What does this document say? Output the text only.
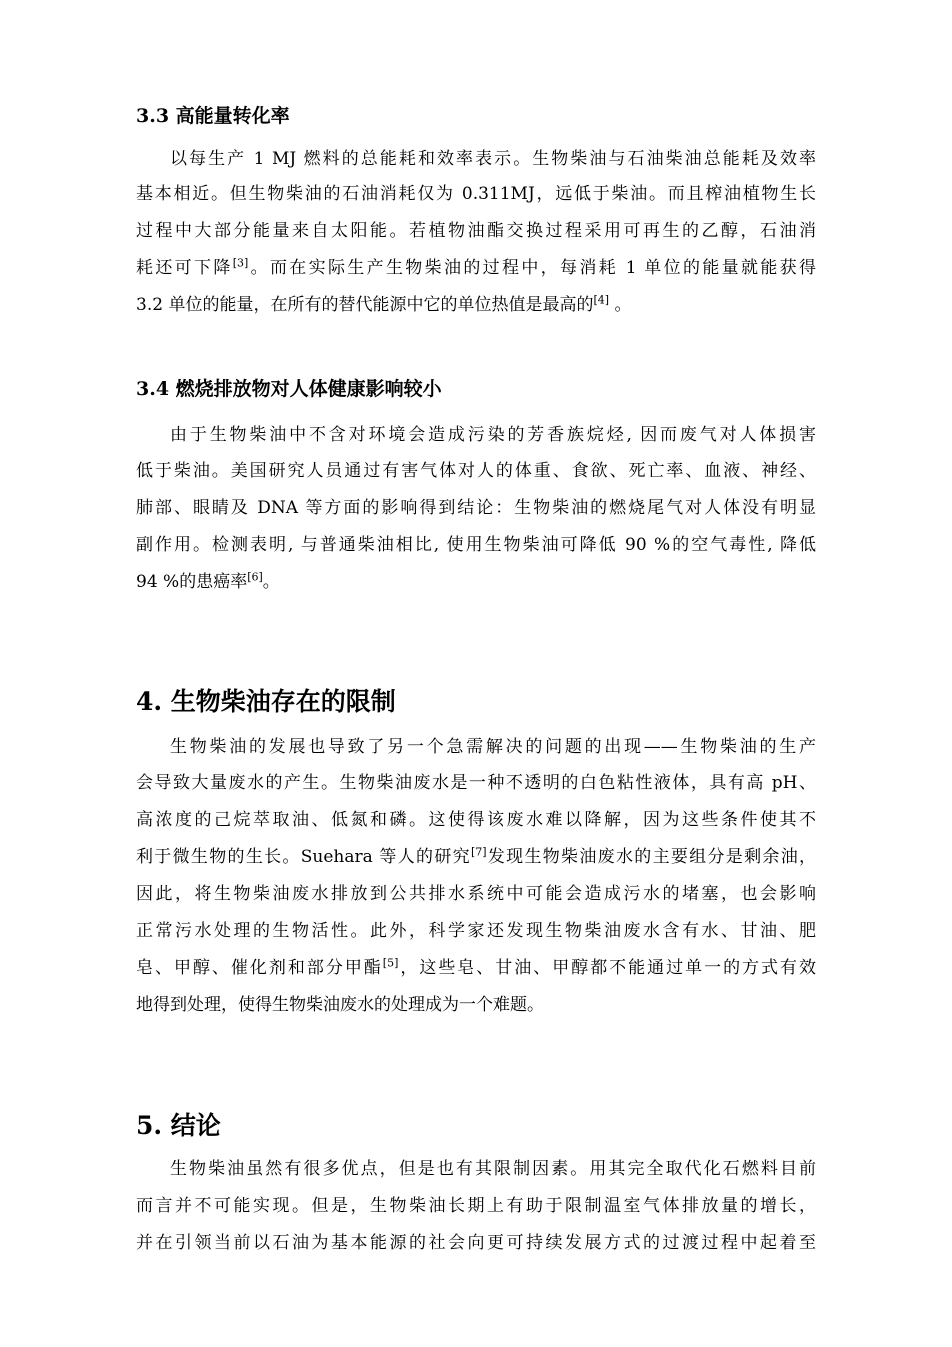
3.3 高能量转化率
以每生产 1 MJ 燃料的总能耗和效率表示。生物柴油与石油柴油总能耗及效率
基本相近。但生物柴油的石油消耗仅为 0.311MJ，远低于柴油。而且榨油植物生长
过程中大部分能量来自太阳能。若植物油酯交换过程采用可再生的乙醇，石油消
耗还可下降[3]。而在实际生产生物柴油的过程中，每消耗 1 单位的能量就能获得
3.2 单位的能量，在所有的替代能源中它的单位热值是最高的[4] 。
3.4 燃烧排放物对人体健康影响较小
由于生物柴油中不含对环境会造成污染的芳香族烷烃, 因而废气对人体损害
低于柴油。美国研究人员通过有害气体对人的体重、食欲、死亡率、血液、神经、
肺部、眼睛及 DNA 等方面的影响得到结论：生物柴油的燃烧尾气对人体没有明显
副作用。检测表明, 与普通柴油相比, 使用生物柴油可降低 90 %的空气毒性, 降低
94 %的患癌率[6]。
4. 生物柴油存在的限制
生物柴油的发展也导致了另一个急需解决的问题的出现——生物柴油的生产
会导致大量废水的产生。生物柴油废水是一种不透明的白色粘性液体，具有高 pH、
高浓度的己烷萃取油、低氮和磷。这使得该废水难以降解，因为这些条件使其不
利于微生物的生长。Suehara 等人的研究[7]发现生物柴油废水的主要组分是剩余油，
因此，将生物柴油废水排放到公共排水系统中可能会造成污水的堵塞，也会影响
正常污水处理的生物活性。此外，科学家还发现生物柴油废水含有水、甘油、肥
皂、甲醇、催化剂和部分甲酯[5]，这些皂、甘油、甲醇都不能通过单一的方式有效
地得到处理，使得生物柴油废水的处理成为一个难题。
5. 结论
生物柴油虽然有很多优点，但是也有其限制因素。用其完全取代化石燃料目前
而言并不可能实现。但是，生物柴油长期上有助于限制温室气体排放量的增长，
并在引领当前以石油为基本能源的社会向更可持续发展方式的过渡过程中起着至
